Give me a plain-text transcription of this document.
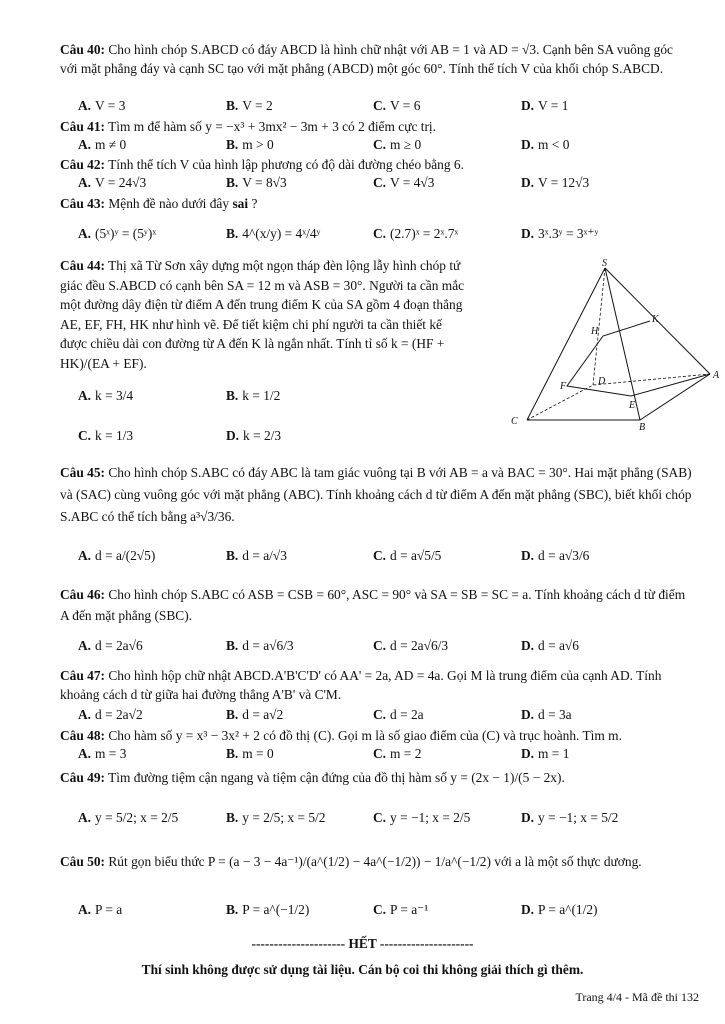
Câu 40: Cho hình chóp S.ABCD có đáy ABCD là hình chữ nhật với AB = 1 và AD = √3. Cạnh bên SA vuông góc với mặt phẳng đáy và cạnh SC tạo với mặt phẳng (ABCD) một góc 60°. Tính thể tích V của khối chóp S.ABCD.
A. V = 3	B. V = 2	C. V = 6	D. V = 1
Câu 41: Tìm m để hàm số y = −x³ + 3mx² − 3m + 3 có 2 điểm cực trị.
A. m ≠ 0	B. m > 0	C. m ≥ 0	D. m < 0
Câu 42: Tính thể tích V của hình lập phương có độ dài đường chéo bằng 6.
A. V = 24√3	B. V = 8√3	C. V = 4√3	D. V = 12√3
Câu 43: Mệnh đề nào dưới đây sai ?
A. (5ˣ)ʸ = (5ʸ)ˣ	B. 4^(x/y) = 4ˣ/4ʸ	C. (2.7)ˣ = 2ˣ.7ˣ	D. 3ˣ.3ʸ = 3ˣ⁺ʸ
Câu 44: Thị xã Từ Sơn xây dựng một ngọn tháp đèn lộng lẫy hình chóp tứ giác đều S.ABCD có cạnh bên SA = 12 m và ASB = 30°. Người ta cần mắc một đường dây điện từ điểm A đến trung điểm K của SA gồm 4 đoạn thẳng AE, EF, FH, HK như hình vẽ. Để tiết kiệm chi phí người ta cần thiết kế được chiều dài con đường từ A đến K là ngắn nhất. Tính tỉ số k = (HF + HK)/(EA + EF).
A. k = 3/4	B. k = 1/2
C. k = 1/3	D. k = 2/3
S
H
K
F	D
A
E
C
B
Câu 45: Cho hình chóp S.ABC có đáy ABC là tam giác vuông tại B với AB = a và BAC = 30°. Hai mặt phẳng (SAB) và (SAC) cùng vuông góc với mặt phẳng (ABC). Tính khoảng cách d từ điểm A đến mặt phẳng (SBC), biết khối chóp S.ABC có thể tích bằng a³√3/36.
A. d = a/(2√5)	B. d = a/√3	C. d = a√5/5	D. d = a√3/6
Câu 46: Cho hình chóp S.ABC có ASB = CSB = 60°, ASC = 90° và SA = SB = SC = a. Tính khoảng cách d từ điểm A đến mặt phẳng (SBC).
A. d = 2a√6	B. d = a√6/3	C. d = 2a√6/3	D. d = a√6
Câu 47: Cho hình hộp chữ nhật ABCD.A'B'C'D' có AA' = 2a, AD = 4a. Gọi M là trung điểm của cạnh AD. Tính khoảng cách d từ giữa hai đường thẳng A'B' và C'M.
A. d = 2a√2	B. d = a√2	C. d = 2a	D. d = 3a
Câu 48: Cho hàm số y = x³ − 3x² + 2 có đồ thị (C). Gọi m là số giao điểm của (C) và trục hoành. Tìm m.
A. m = 3	B. m = 0	C. m = 2	D. m = 1
Câu 49: Tìm đường tiệm cận ngang và tiệm cận đứng của đồ thị hàm số y = (2x − 1)/(5 − 2x).
A. y = 5/2; x = 2/5	B. y = 2/5; x = 5/2	C. y = −1; x = 2/5	D. y = −1; x = 5/2
Câu 50: Rút gọn biểu thức P = (a − 3 − 4a⁻¹)/(a^(1/2) − 4a^(−1/2)) − 1/a^(−1/2) với a là một số thực dương.
A. P = a	B. P = a^(−1/2)	C. P = a⁻¹	D. P = a^(1/2)
--------------------- HẾT ---------------------
Thí sinh không được sử dụng tài liệu. Cán bộ coi thi không giải thích gì thêm.
Trang 4/4 - Mã đề thi 132
